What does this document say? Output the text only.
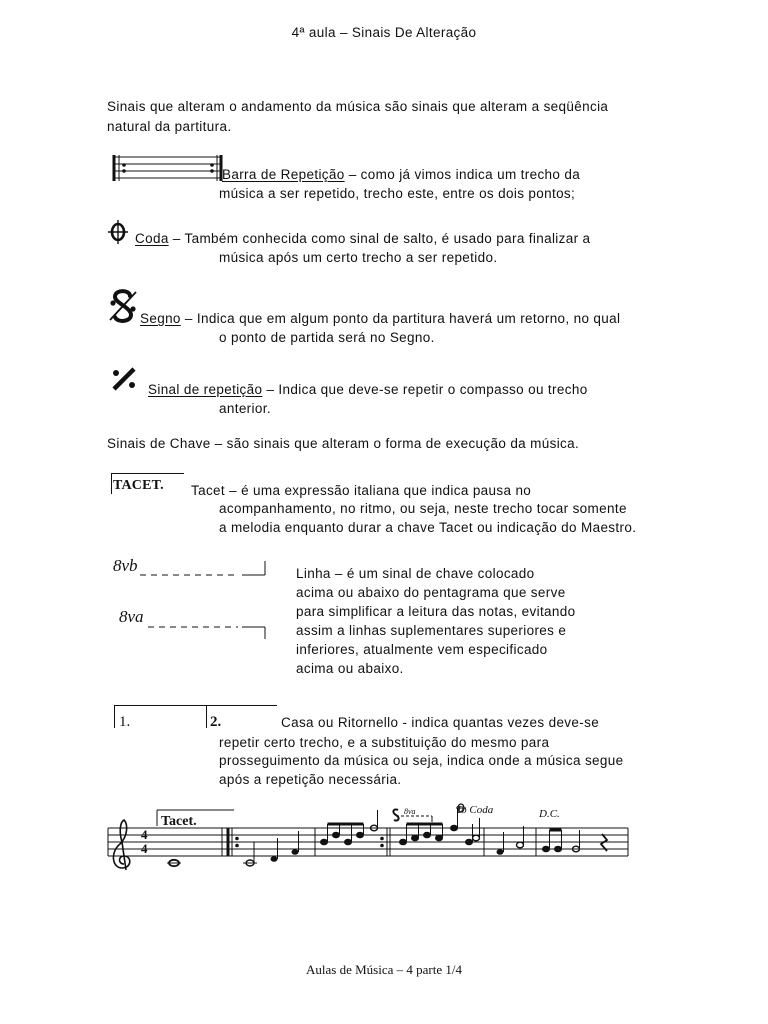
4ª aula – Sinais De Alteração
Sinais que alteram o andamento da música são sinais que alteram a seqüência
natural da partitura.
Barra de Repetição – como já vimos indica um trecho da
música a ser repetido, trecho este, entre os dois pontos;
Coda – Também conhecida como sinal de salto, é usado para finalizar a
música após um certo trecho a ser repetido.
Segno – Indica que em algum ponto da partitura haverá um retorno, no qual
o ponto de partida será no Segno.
Sinal de repetição – Indica que deve-se repetir o compasso ou trecho
anterior.
Sinais de Chave – são sinais que alteram o forma de execução da música.
TACET. Tacet – é uma expressão italiana que indica pausa no
acompanhamento, no ritmo, ou seja, neste trecho tocar somente
a melodia enquanto durar a chave Tacet ou indicação do Maestro.
8vb
8va
Linha – é um sinal de chave colocado
acima ou abaixo do pentagrama que serve
para simplificar a leitura das notas, evitando
assim a linhas suplementares superiores e
inferiores, atualmente vem especificado
acima ou abaixo.
1.	2.	Casa ou Ritornello - indica quantas vezes deve-se
repetir certo trecho, e a substituição do mesmo para
prosseguimento da música ou seja, indica onde a música segue
após a repetição necessária.
4
4
Tacet.
8va	To Coda	D.C.
Aulas de Música – 4 parte 1/4
